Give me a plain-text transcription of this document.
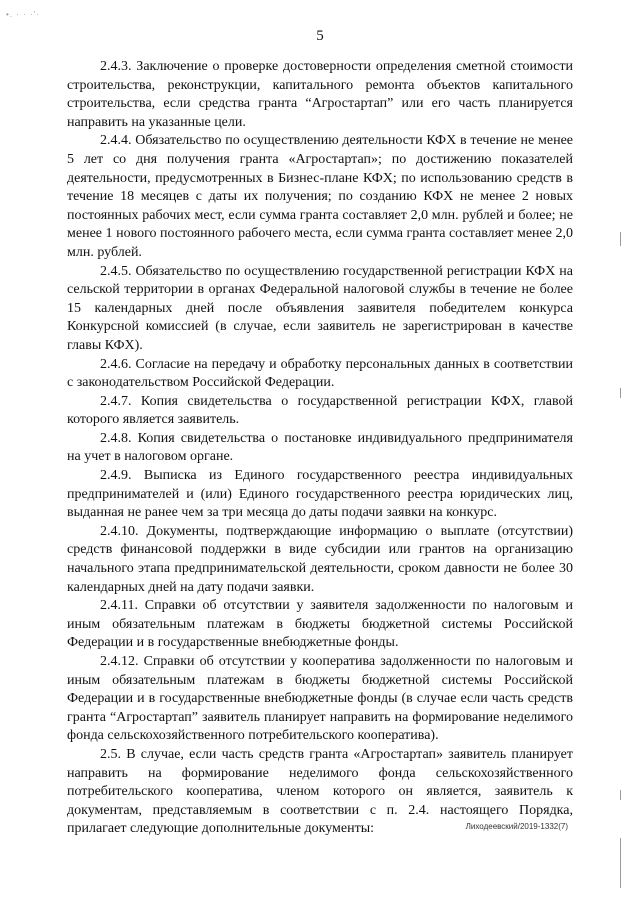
•. · · ·'·
5

2.4.3. Заключение о проверке достоверности определения сметной стоимости строительства, реконструкции, капитального ремонта объектов капитального строительства, если средства гранта “Агростартап” или его часть планируется направить на указанные цели.

2.4.4. Обязательство по осуществлению деятельности КФХ в течение не менее 5 лет со дня получения гранта «Агростартап»; по достижению показателей деятельности, предусмотренных в Бизнес-плане КФХ; по использованию средств в течение 18 месяцев с даты их получения; по созданию КФХ не менее 2 новых постоянных рабочих мест, если сумма гранта составляет 2,0 млн. рублей и более; не менее 1 нового постоянного рабочего места, если сумма гранта составляет менее 2,0 млн. рублей.

2.4.5. Обязательство по осуществлению государственной регистрации КФХ на сельской территории в органах Федеральной налоговой службы в течение не более 15 календарных дней после объявления заявителя победителем конкурса Конкурсной комиссией (в случае, если заявитель не зарегистрирован в качестве главы КФХ).

2.4.6. Согласие на передачу и обработку персональных данных в соответствии с законодательством Российской Федерации.

2.4.7. Копия свидетельства о государственной регистрации КФХ, главой которого является заявитель.

2.4.8. Копия свидетельства о постановке индивидуального предпринимателя на учет в налоговом органе.

2.4.9. Выписка из Единого государственного реестра индивидуальных предпринимателей и (или) Единого государственного реестра юридических лиц, выданная не ранее чем за три месяца до даты подачи заявки на конкурс.

2.4.10. Документы, подтверждающие информацию о выплате (отсутствии) средств финансовой поддержки в виде субсидии или грантов на организацию начального этапа предпринимательской деятельности, сроком давности не более 30 календарных дней на дату подачи заявки.

2.4.11. Справки об отсутствии у заявителя задолженности по налоговым и иным обязательным платежам в бюджеты бюджетной системы Российской Федерации и в государственные внебюджетные фонды.

2.4.12. Справки об отсутствии у кооператива задолженности по налоговым и иным обязательным платежам в бюджеты бюджетной системы Российской Федерации и в государственные внебюджетные фонды (в случае если часть средств гранта “Агростартап” заявитель планирует направить на формирование неделимого фонда сельскохозяйственного потребительского кооператива).

2.5. В случае, если часть средств гранта «Агростартап» заявитель планирует направить на формирование неделимого фонда сельскохозяйственного потребительского кооператива, членом которого он является, заявитель к документам, представляемым в соответствии с п. 2.4. настоящего Порядка, прилагает следующие дополнительные документы:	Лиходеевский/2019-1332(7)
